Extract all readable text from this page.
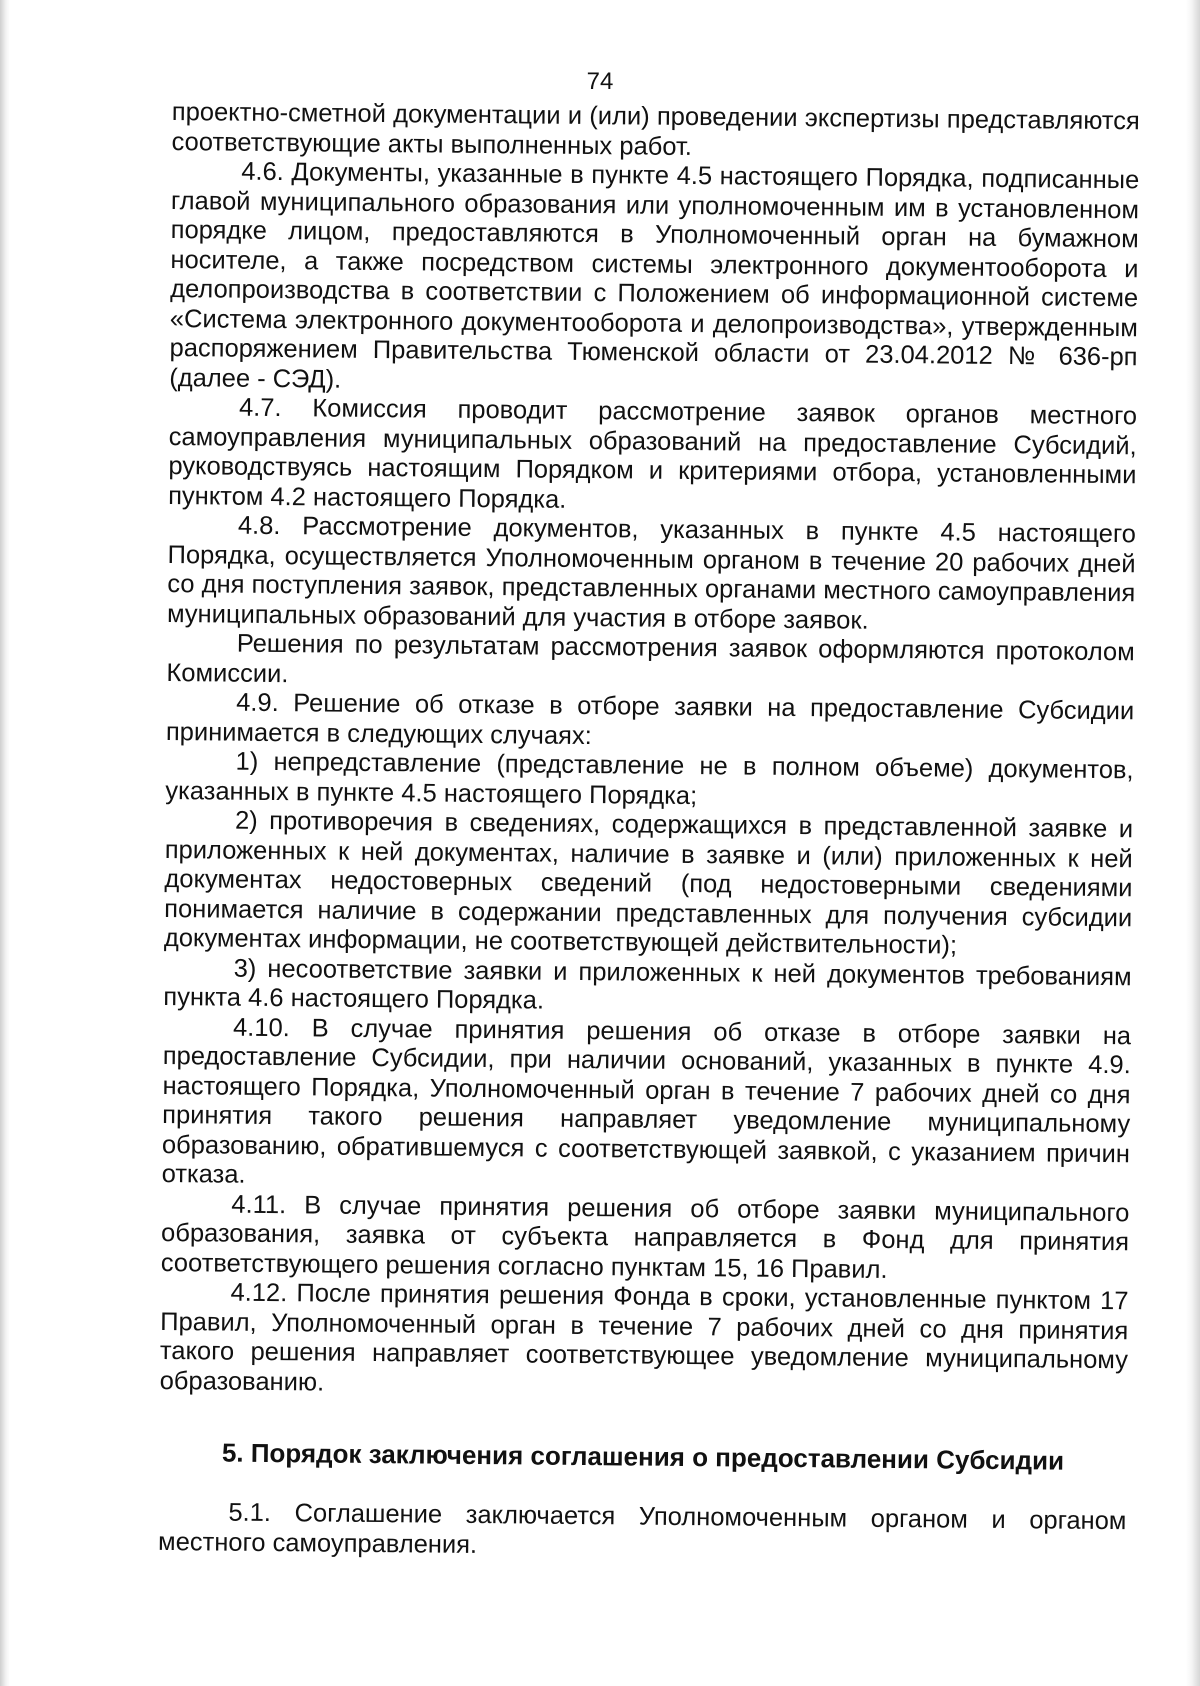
74

проектно-сметной документации и (или) проведении экспертизы представляются соответствующие акты выполненных работ.

4.6. Документы, указанные в пункте 4.5 настоящего Порядка, подписанные главой муниципального образования или уполномоченным им в установленном порядке лицом, предоставляются в Уполномоченный орган на бумажном носителе, а также посредством системы электронного документооборота и делопроизводства в соответствии с Положением об информационной системе «Система электронного документооборота и делопроизводства», утвержденным распоряжением Правительства Тюменской области от 23.04.2012 № 636-рп (далее - СЭД).

4.7. Комиссия проводит рассмотрение заявок органов местного самоуправления муниципальных образований на предоставление Субсидий, руководствуясь настоящим Порядком и критериями отбора, установленными пунктом 4.2 настоящего Порядка.

4.8. Рассмотрение документов, указанных в пункте 4.5 настоящего Порядка, осуществляется Уполномоченным органом в течение 20 рабочих дней со дня поступления заявок, представленных органами местного самоуправления муниципальных образований для участия в отборе заявок.

Решения по результатам рассмотрения заявок оформляются протоколом Комиссии.

4.9. Решение об отказе в отборе заявки на предоставление Субсидии принимается в следующих случаях:

1) непредставление (представление не в полном объеме) документов, указанных в пункте 4.5 настоящего Порядка;

2) противоречия в сведениях, содержащихся в представленной заявке и приложенных к ней документах, наличие в заявке и (или) приложенных к ней документах недостоверных сведений (под недостоверными сведениями понимается наличие в содержании представленных для получения субсидии документах информации, не соответствующей действительности);

3) несоответствие заявки и приложенных к ней документов требованиям пункта 4.6 настоящего Порядка.

4.10. В случае принятия решения об отказе в отборе заявки на предоставление Субсидии, при наличии оснований, указанных в пункте 4.9. настоящего Порядка, Уполномоченный орган в течение 7 рабочих дней со дня принятия такого решения направляет уведомление муниципальному образованию, обратившемуся с соответствующей заявкой, с указанием причин отказа.

4.11. В случае принятия решения об отборе заявки муниципального образования, заявка от субъекта направляется в Фонд для принятия соответствующего решения согласно пунктам 15, 16 Правил.

4.12. После принятия решения Фонда в сроки, установленные пунктом 17 Правил, Уполномоченный орган в течение 7 рабочих дней со дня принятия такого решения направляет соответствующее уведомление муниципальному образованию.

5. Порядок заключения соглашения о предоставлении Субсидии

5.1. Соглашение заключается Уполномоченным органом и органом местного самоуправления.
